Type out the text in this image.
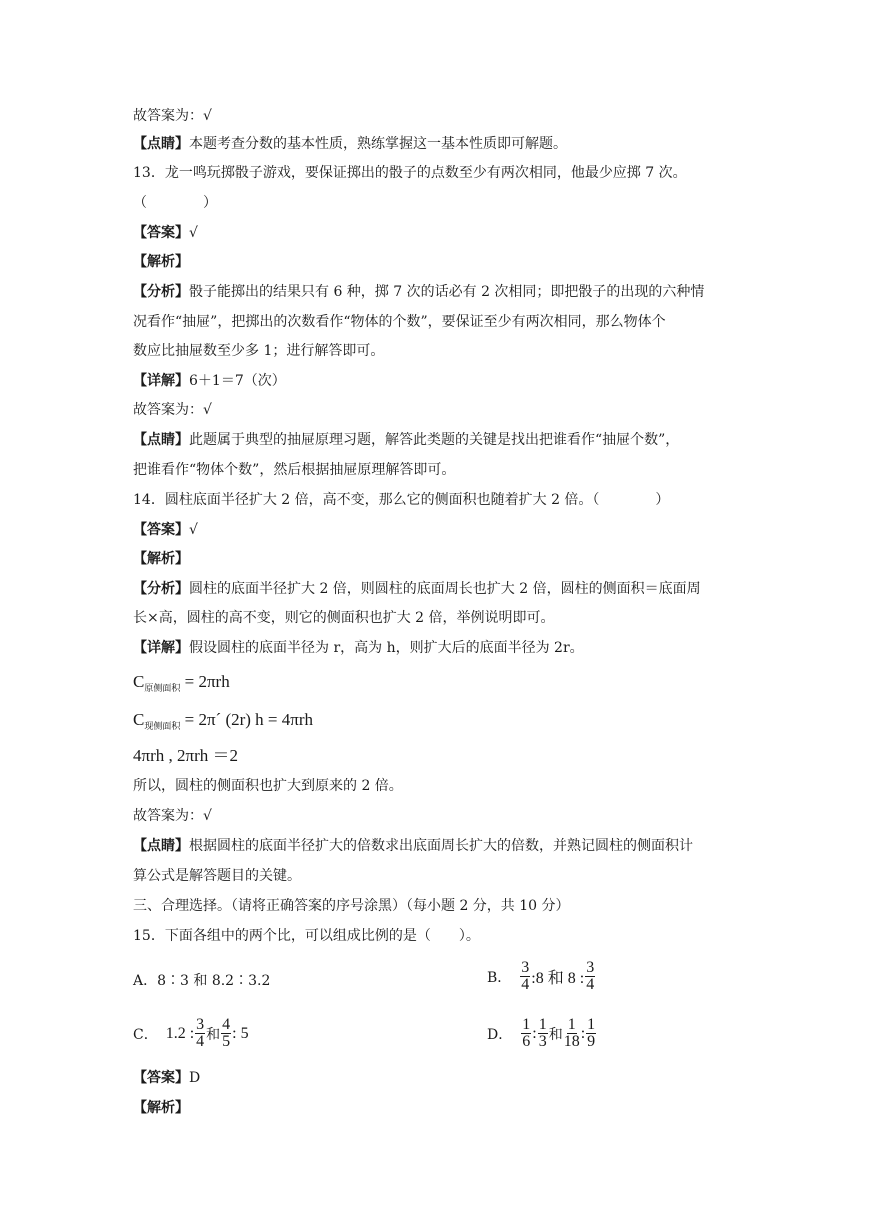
故答案为：√
【点睛】本题考查分数的基本性质，熟练掌握这一基本性质即可解题。
13．龙一鸣玩掷骰子游戏，要保证掷出的骰子的点数至少有两次相同，他最少应掷 7 次。
（　　　　）
【答案】√
【解析】
【分析】骰子能掷出的结果只有 6 种，掷 7 次的话必有 2 次相同；即把骰子的出现的六种情
况看作“抽屉”，把掷出的次数看作“物体的个数”，要保证至少有两次相同，那么物体个
数应比抽屉数至少多 1；进行解答即可。
【详解】6＋1＝7（次）
故答案为：√
【点睛】此题属于典型的抽屉原理习题，解答此类题的关键是找出把谁看作“抽屉个数”，
把谁看作“物体个数”，然后根据抽屉原理解答即可。
14．圆柱底面半径扩大 2 倍，高不变，那么它的侧面积也随着扩大 2 倍。（　　　　）
【答案】√
【解析】
【分析】圆柱的底面半径扩大 2 倍，则圆柱的底面周长也扩大 2 倍，圆柱的侧面积＝底面周
长×高，圆柱的高不变，则它的侧面积也扩大 2 倍，举例说明即可。
【详解】假设圆柱的底面半径为 r，高为 h，则扩大后的底面半径为 2r。
$C_{原侧面积} = 2\pi rh$
$C_{现侧面积}$ = 2π´ (2r) h = 4πrh
4πrh , 2πrh ＝2
所以，圆柱的侧面积也扩大到原来的 2 倍。
故答案为：√
【点睛】根据圆柱的底面半径扩大的倍数求出底面周长扩大的倍数，并熟记圆柱的侧面积计
算公式是解答题目的关键。
三、合理选择。（请将正确答案的序号涂黑）（每小题 2 分，共 10 分）
15．下面各组中的两个比，可以组成比例的是（　　）。
A．8∶3 和 8.2∶3.2	B． $\frac{3}{4}$ :8 和 8 : $\frac{3}{4}$
C． 1.2 : $\frac{3}{4}$ 和 $\frac{4}{5}$ : 5	D． $\frac{1}{6}$ : $\frac{1}{3}$ 和 $\frac{1}{18}$ : $\frac{1}{9}$
【答案】D
【解析】
